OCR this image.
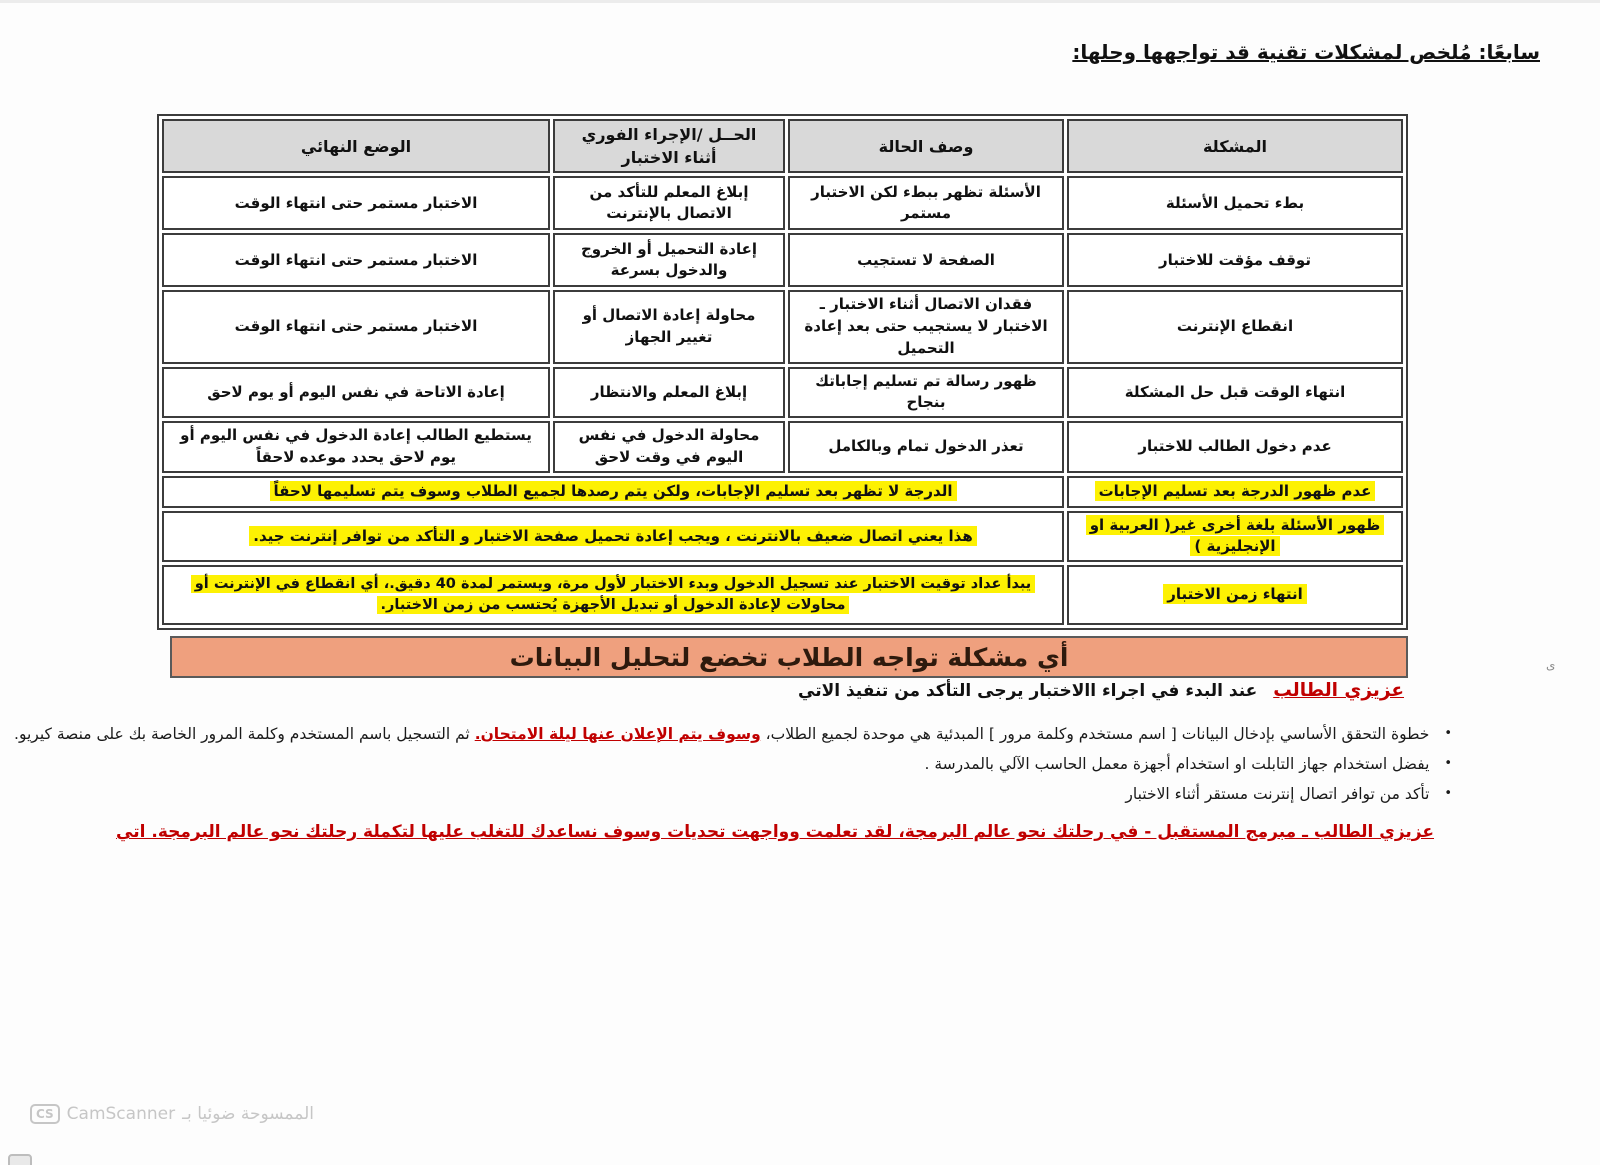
سابعًا: مُلخص لمشكلات تقنية قد تواجهها وحلها:
المشكلة	وصف الحالة	الحــل /الإجراء الفوري أثناء الاختبار	الوضع النهائي
بطء تحميل الأسئلة	الأسئلة تظهر ببطء لكن الاختبار مستمر	إبلاغ المعلم للتأكد من الاتصال بالإنترنت	الاختبار مستمر حتى انتهاء الوقت
توقف مؤقت للاختبار	الصفحة لا تستجيب	إعادة التحميل أو الخروج والدخول بسرعة	الاختبار مستمر حتى انتهاء الوقت
انقطاع الإنترنت	فقدان الاتصال أثناء الاختبار ـ الاختبار لا يستجيب حتى بعد إعادة التحميل	محاولة إعادة الاتصال أو تغيير الجهاز	الاختبار مستمر حتى انتهاء الوقت
انتهاء الوقت قبل حل المشكلة	ظهور رسالة تم تسليم إجاباتك بنجاح	إبلاغ المعلم والانتظار	إعادة الاتاحة في نفس اليوم أو يوم لاحق
عدم دخول الطالب للاختبار	تعذر الدخول تمام وبالكامل	محاولة الدخول في نفس اليوم في وقت لاحق	يستطيع الطالب إعادة الدخول في نفس اليوم أو يوم لاحق يحدد موعده لاحقاً
عدم ظهور الدرجة بعد تسليم الإجابات	الدرجة لا تظهر بعد تسليم الإجابات، ولكن يتم رصدها لجميع الطلاب وسوف يتم تسليمها لاحقاً		
ظهور الأسئلة بلغة أخرى غير( العربية او الإنجليزية )	هذا يعني اتصال ضعيف بالانترنت ، ويجب إعادة تحميل صفحة الاختبار و التأكد من توافر إنترنت جيد.		
انتهاء زمن الاختبار	يبدأ عداد توقيت الاختبار عند تسجيل الدخول وبدء الاختبار لأول مرة، ويستمر لمدة 40 دقيق.، أي انقطاع في الإنترنت أو محاولات لإعادة الدخول أو تبديل الأجهزة يُحتسب من زمن الاختبار.		
أي مشكلة تواجه الطلاب تخضع لتحليل البيانات
عزيزي الطالب عند البدء في اجراء االاختبار يرجى التأكد من تنفيذ الاتي
• خطوة التحقق الأساسي بإدخال البيانات [ اسم مستخدم وكلمة مرور ] المبدئية هي موحدة لجميع الطلاب، وسوف يتم الإعلان عنها ليلة الامتحان. ثم التسجيل باسم المستخدم وكلمة المرور الخاصة بك على منصة كيريو.
• يفضل استخدام جهاز التابلت او استخدام أجهزة معمل الحاسب الآلي بالمدرسة .
• تأكد من توافر اتصال إنترنت مستقر أثناء الاختبار
عزيزي الطالب ـ مبرمج المستقبل - في رحلتك نحو عالم البرمجة، لقد تعلمت وواجهت تحديات وسوف نساعدك للتغلب عليها لتكملة رحلتك نحو عالم البرمجة. اتي
ى
CS CamScanner الممسوحة ضوئيا بـ
